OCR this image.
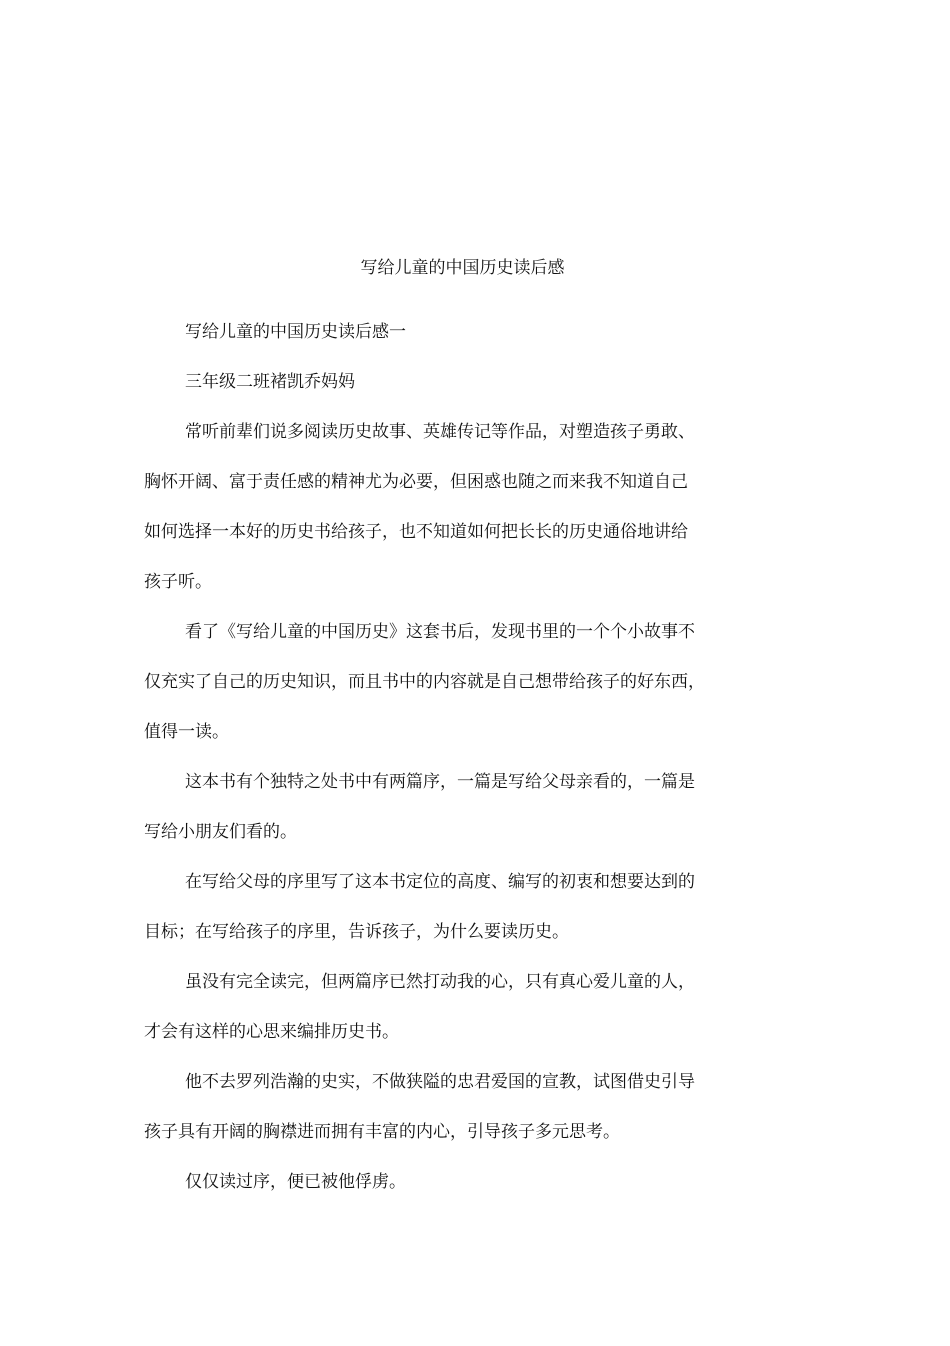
写给儿童的中国历史读后感
写给儿童的中国历史读后感一
三年级二班褚凯乔妈妈
常听前辈们说多阅读历史故事、英雄传记等作品，对塑造孩子勇敢、
胸怀开阔、富于责任感的精神尤为必要，但困惑也随之而来我不知道自己
如何选择一本好的历史书给孩子，也不知道如何把长长的历史通俗地讲给
孩子听。
看了《写给儿童的中国历史》这套书后，发现书里的一个个小故事不
仅充实了自己的历史知识，而且书中的内容就是自己想带给孩子的好东西，
值得一读。
这本书有个独特之处书中有两篇序，一篇是写给父母亲看的，一篇是
写给小朋友们看的。
在写给父母的序里写了这本书定位的高度、编写的初衷和想要达到的
目标；在写给孩子的序里，告诉孩子，为什么要读历史。
虽没有完全读完，但两篇序已然打动我的心，只有真心爱儿童的人，
才会有这样的心思来编排历史书。
他不去罗列浩瀚的史实，不做狭隘的忠君爱国的宣教，试图借史引导
孩子具有开阔的胸襟进而拥有丰富的内心，引导孩子多元思考。
仅仅读过序，便已被他俘虏。
